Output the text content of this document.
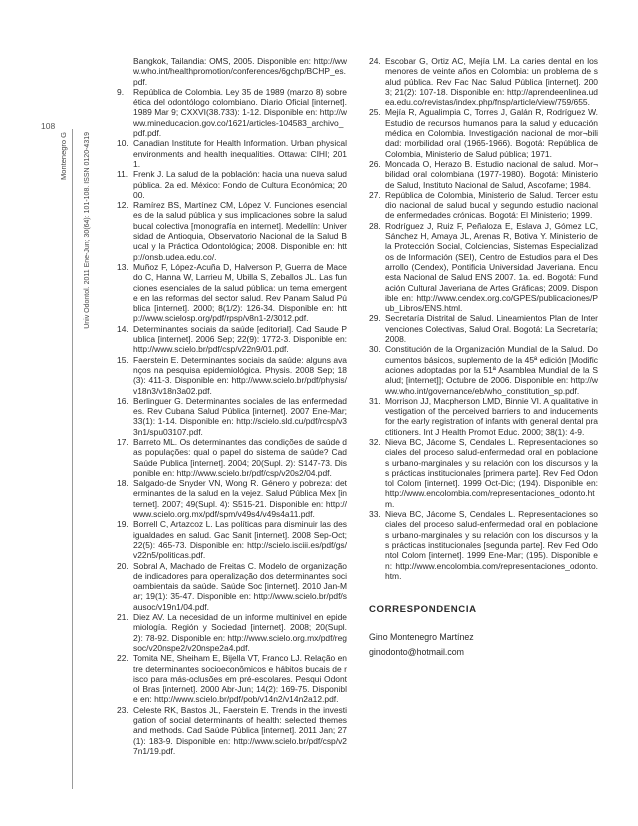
108
Montenegro G Univ Odontol. 2011 Ene-Jun; 30(64): 101-108. ISSN 0120-4319
Bangkok, Tailandia: OMS, 2005. Disponible en: http://www.who.int/healthpromotion/conferences/6gchp/BCHP_es.pdf.
9. República de Colombia. Ley 35 de 1989 (marzo 8) sobre ética del odontólogo colombiano. Diario Oficial [internet]. 1989 Mar 9; CXXVI(38.733): 1-12. Disponible en: http://www.mineducacion.gov.co/1621/articles-104583_archivo_pdf.pdf.
10. Canadian Institute for Health Information. Urban physical environments and health inequalities. Ottawa: CIHI; 2011.
11. Frenk J. La salud de la población: hacia una nueva salud pública. 2a ed. México: Fondo de Cultura Económica; 2000.
12. Ramírez BS, Martínez CM, López V. Funciones esenciales de la salud pública y sus implicaciones sobre la salud bucal colectiva [monografía en internet]. Medellín: Universidad de Antioquia, Observatorio Nacional de la Salud Bucal y la Práctica Odontológica; 2008. Disponible en: http://onsb.udea.edu.co/.
13. Muñoz F, López-Acuña D, Halverson P, Guerra de Macedo C, Hanna W, Larrieu M, Ubilla S, Zeballos JL. Las funciones esenciales de la salud pública: un tema emergente en las reformas del sector salud. Rev Panam Salud Pública [internet]. 2000; 8(1/2): 126-34. Disponible en: http://www.scielosp.org/pdf/rpsp/v8n1-2/3012.pdf.
14. Determinantes sociais da saúde [editorial]. Cad Saude Publica [internet]. 2006 Sep; 22(9): 1772-3. Disponible en: http://www.scielo.br/pdf/csp/v22n9/01.pdf.
15. Faerstein E. Determinantes sociais da saúde: alguns avanços na pesquisa epidemiológica. Physis. 2008 Sep; 18(3): 411-3. Disponible en: http://www.scielo.br/pdf/physis/v18n3/v18n3a02.pdf.
16. Berlinguer G. Determinantes sociales de las enfermedades. Rev Cubana Salud Pública [internet]. 2007 Ene-Mar; 33(1): 1-14. Disponible en: http://scielo.sld.cu/pdf/rcsp/v33n1/spu03107.pdf.
17. Barreto ML. Os determinantes das condições de saúde das populações: qual o papel do sistema de saúde? Cad Saúde Publica [internet]. 2004; 20(Supl. 2): S147-73. Disponible en: http://www.scielo.br/pdf/csp/v20s2/04.pdf.
18. Salgado-de Snyder VN, Wong R. Género y pobreza: determinantes de la salud en la vejez. Salud Pública Mex [internet]. 2007; 49(Supl. 4): S515-21. Disponible en: http://www.scielo.org.mx/pdf/spm/v49s4/v49s4a11.pdf.
19. Borrell C, Artazcoz L. Las políticas para disminuir las desigualdades en salud. Gac Sanit [internet]. 2008 Sep-Oct; 22(5): 465-73. Disponible en: http://scielo.isciii.es/pdf/gs/v22n5/politicas.pdf.
20. Sobral A, Machado de Freitas C. Modelo de organização de indicadores para operalização dos determinantes socioambientais da saúde. Saúde Soc [internet]. 2010 Jan-Mar; 19(1): 35-47. Disponible en: http://www.scielo.br/pdf/sausoc/v19n1/04.pdf.
21. Diez AV. La necesidad de un informe multinivel en epidemiología. Región y Sociedad [internet]. 2008; 20(Supl. 2): 78-92. Disponible en: http://www.scielo.org.mx/pdf/regsoc/v20nspe2/v20nspe2a4.pdf.
22. Tomita NE, Sheiham E, Bijella VT, Franco LJ. Relação entre determinantes socioeconômicos e hábitos bucais de risco para más-oclusões em pré-escolares. Pesqui Odontol Bras [internet]. 2000 Abr-Jun; 14(2): 169-75. Disponible en: http://www.scielo.br/pdf/pob/v14n2/v14n2a12.pdf.
23. Celeste RK, Bastos JL, Faerstein E. Trends in the investigation of social determinants of health: selected themes and methods. Cad Saúde Pública [internet]. 2011 Jan; 27(1): 183-9. Disponible en: http://www.scielo.br/pdf/csp/v27n1/19.pdf.
24. Escobar G, Ortiz AC, Mejía LM. La caries dental en los menores de veinte años en Colombia: un problema de salud pública. Rev Fac Nac Salud Pública [internet]. 2003; 21(2): 107-18. Disponible en: http://aprendeenlinea.udea.edu.co/revistas/index.php/fnsp/article/view/759/655.
25. Mejía R, Agualimpia C, Torres J, Galán R, Rodríguez W. Estudio de recursos humanos para la salud y educación médica en Colombia. Investigación nacional de mor¬bilidad: morbilidad oral (1965-1966). Bogotá: República de Colombia, Ministerio de Salud pública; 1971.
26. Moncada O, Herazo B. Estudio nacional de salud. Mor¬bilidad oral colombiana (1977-1980). Bogotá: Ministerio de Salud, Instituto Nacional de Salud, Ascofame; 1984.
27. República de Colombia, Ministerio de Salud. Tercer estudio nacional de salud bucal y segundo estudio nacional de enfermedades crónicas. Bogotá: El Ministerio; 1999.
28. Rodríguez J, Ruiz F, Peñaloza E, Eslava J, Gómez LC, Sánchez H, Amaya JL, Arenas R, Botiva Y. Ministerio de la Protección Social, Colciencias, Sistemas Especializados de Información (SEI), Centro de Estudios para el Desarrollo (Cendex), Pontificia Universidad Javeriana. Encuesta Nacional de Salud ENS 2007. 1a. ed. Bogotá: Fundación Cultural Javeriana de Artes Gráficas; 2009. Disponible en: http://www.cendex.org.co/GPES/publicaciones/Pub_Libros/ENS.html.
29. Secretaría Distrital de Salud. Lineamientos Plan de Intervenciones Colectivas, Salud Oral. Bogotá: La Secretaría; 2008.
30. Constitución de la Organización Mundial de la Salud. Documentos básicos, suplemento de la 45ª edición [Modificaciones adoptadas por la 51ª Asamblea Mundial de la Salud; [internet]]; Octubre de 2006. Disponible en: http://www.who.int/governance/eb/who_constitution_sp.pdf.
31. Morrison JJ, Macpherson LMD, Binnie VI. A qualitative investigation of the perceived barriers to and inducements for the early registration of infants with general dental practitioners. Int J Health Promot Educ. 2000; 38(1): 4-9.
32. Nieva BC, Jácome S, Cendales L. Representaciones sociales del proceso salud-enfermedad oral en poblaciones urbano-marginales y su relación con los discursos y las prácticas institucionales [primera parte]. Rev Fed Odontol Colom [internet]. 1999 Oct-Dic; (194). Disponible en: http://www.encolombia.com/representaciones_odonto.htm.
33. Nieva BC, Jácome S, Cendales L. Representaciones sociales del proceso salud-enfermedad oral en poblaciones urbano-marginales y su relación con los discursos y las prácticas institucionales [segunda parte]. Rev Fed Odontol Colom [internet]. 1999 Ene-Mar; (195). Disponible en: http://www.encolombia.com/representaciones_odonto.htm.
CORRESPONDENCIA
Gino Montenegro Martínez
ginodonto@hotmail.com
